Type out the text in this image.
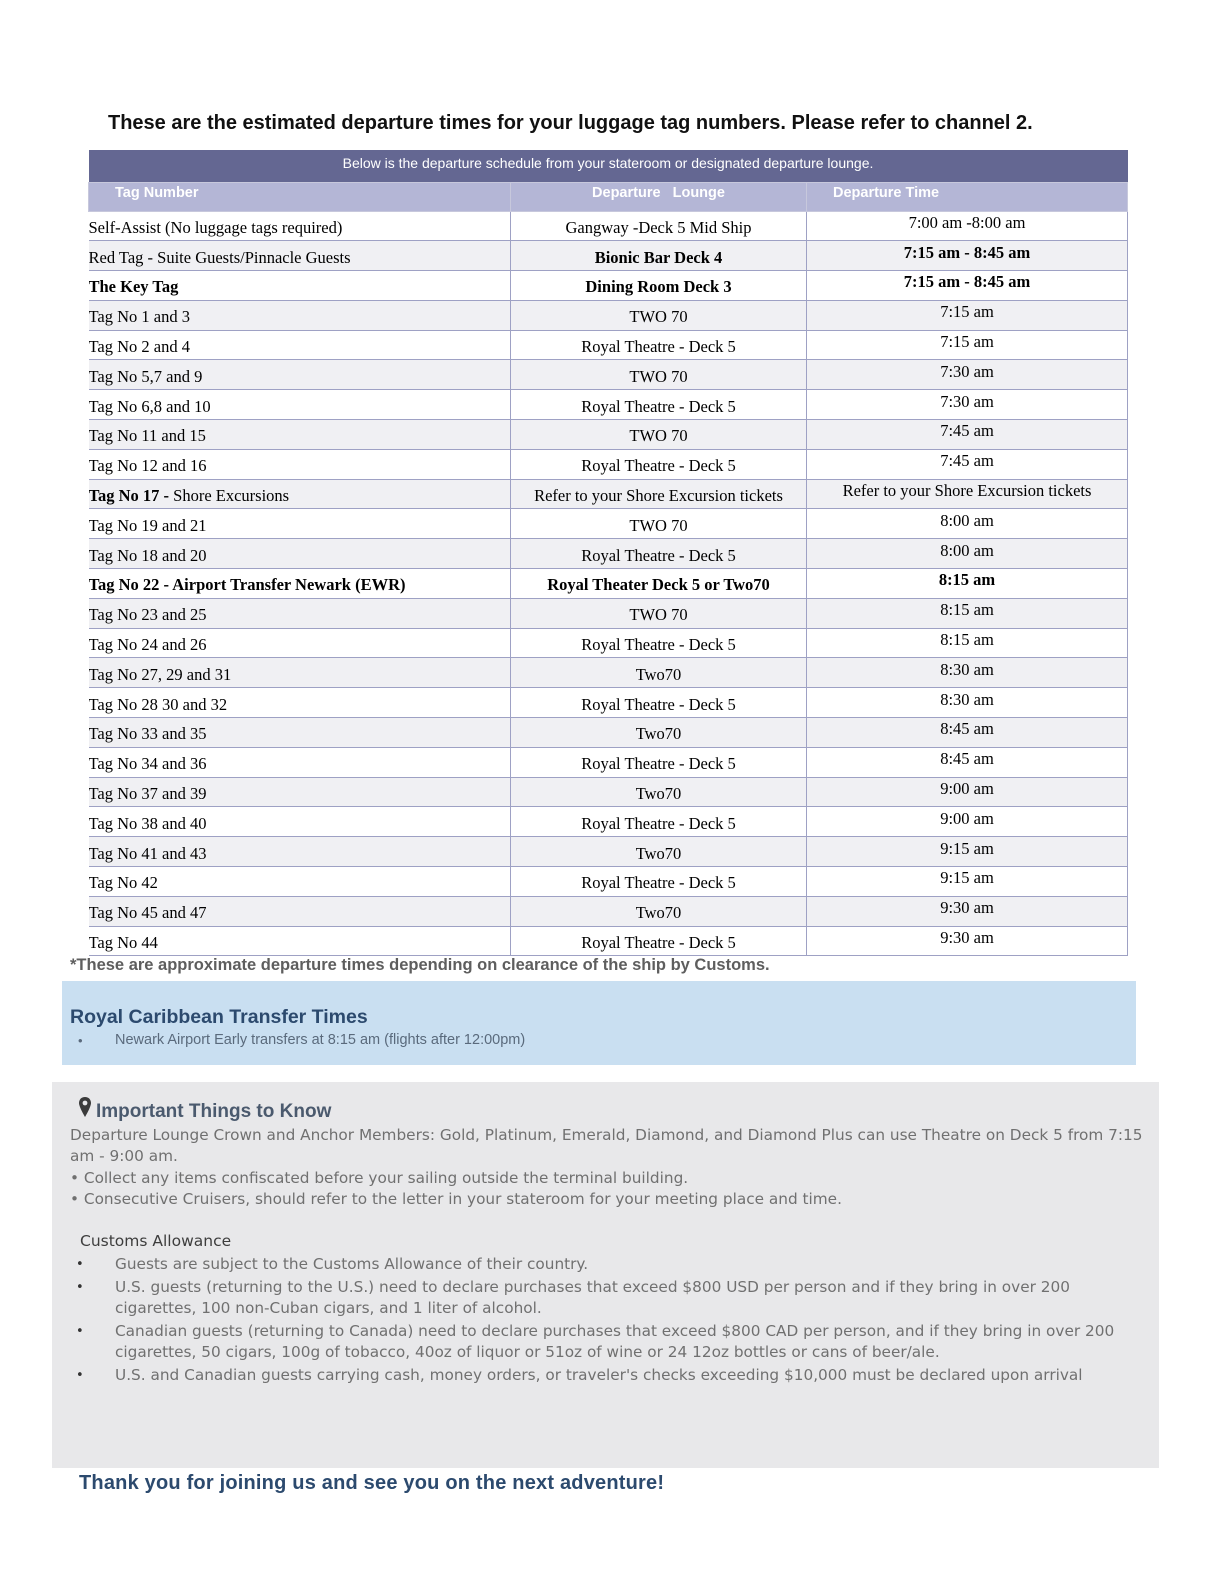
These are the estimated departure times for your luggage tag numbers. Please refer to channel 2.
Below is the departure schedule from your stateroom or designated departure lounge.		
Tag Number	Departure   Lounge	Departure Time
Self-Assist (No luggage tags required)	Gangway -Deck 5 Mid Ship	7:00 am -8:00 am
Red Tag - Suite Guests/Pinnacle Guests	Bionic Bar Deck 4	7:15 am - 8:45 am
The Key Tag	Dining Room Deck 3	7:15 am - 8:45 am
Tag No 1 and 3	TWO 70	7:15 am
Tag No 2 and 4	Royal Theatre - Deck 5	7:15 am
Tag No 5,7 and 9	TWO 70	7:30 am
Tag No 6,8 and 10	Royal Theatre - Deck 5	7:30 am
Tag No 11 and 15	TWO 70	7:45 am
Tag No 12 and 16	Royal Theatre - Deck 5	7:45 am
Tag No 17 - Shore Excursions	Refer to your Shore Excursion tickets	Refer to your Shore Excursion tickets
Tag No 19 and 21	TWO 70	8:00 am
Tag No 18 and 20	Royal Theatre - Deck 5	8:00 am
Tag No 22 - Airport Transfer Newark (EWR)	Royal Theater Deck 5 or Two70	8:15 am
Tag No 23 and 25	TWO 70	8:15 am
Tag No 24 and 26	Royal Theatre - Deck 5	8:15 am
Tag No 27, 29 and 31	Two70	8:30 am
Tag No 28 30 and 32	Royal Theatre - Deck 5	8:30 am
Tag No 33 and 35	Two70	8:45 am
Tag No 34 and 36	Royal Theatre - Deck 5	8:45 am
Tag No 37 and 39	Two70	9:00 am
Tag No 38 and 40	Royal Theatre - Deck 5	9:00 am
Tag No 41 and 43	Two70	9:15 am
Tag No 42	Royal Theatre - Deck 5	9:15 am
Tag No 45 and 47	Two70	9:30 am
Tag No 44	Royal Theatre - Deck 5	9:30 am
*These are approximate departure times depending on clearance of the ship by Customs.
Royal Caribbean Transfer Times
•	Newark Airport Early transfers at 8:15 am (flights after 12:00pm)
Important Things to Know

Departure Lounge Crown and Anchor Members: Gold, Platinum, Emerald, Diamond, and Diamond Plus can use Theatre on Deck 5 from 7:15 am - 9:00 am.

• Collect any items confiscated before your sailing outside the terminal building.

• Consecutive Cruisers, should refer to the letter in your stateroom for your meeting place and time.

Customs Allowance
• Guests are subject to the Customs Allowance of their country.
• U.S. guests (returning to the U.S.) need to declare purchases that exceed $800 USD per person and if they bring in over 200 cigarettes, 100 non-Cuban cigars, and 1 liter of alcohol.
• Canadian guests (returning to Canada) need to declare purchases that exceed $800 CAD per person, and if they bring in over 200 cigarettes, 50 cigars, 100g of tobacco, 40oz of liquor or 51oz of wine or 24 12oz bottles or cans of beer/ale.
• U.S. and Canadian guests carrying cash, money orders, or traveler's checks exceeding $10,000 must be declared upon arrival
Thank you for joining us and see you on the next adventure!
